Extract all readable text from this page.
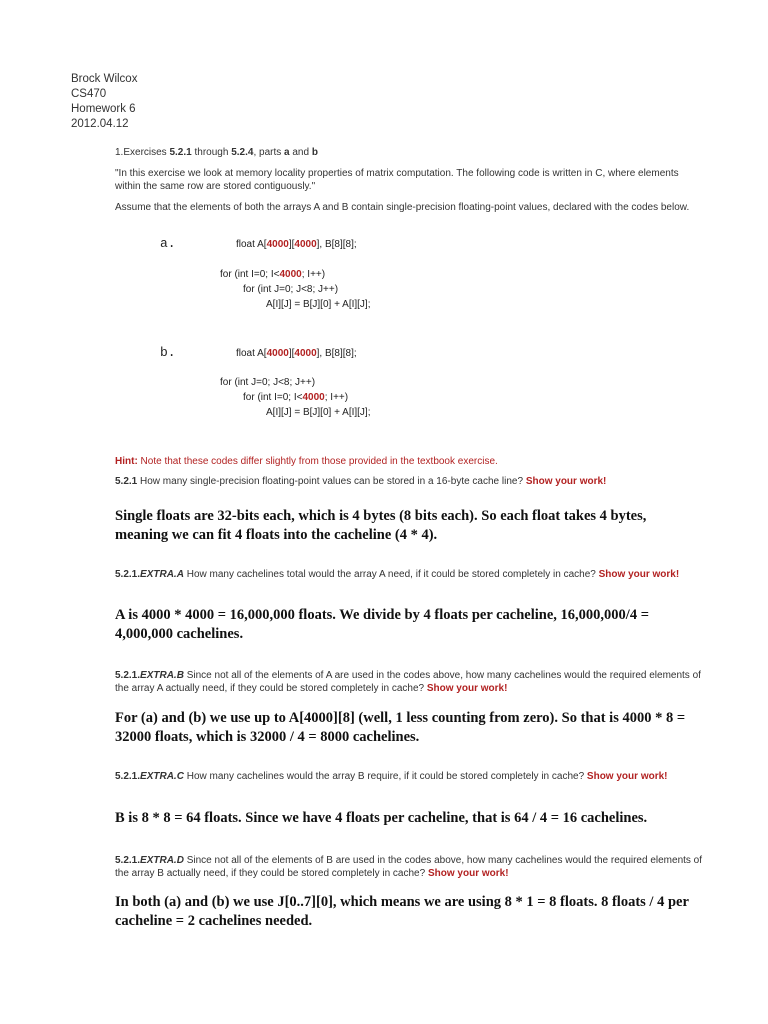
Brock Wilcox
CS470
Homework 6
2012.04.12
1.Exercises 5.2.1 through 5.2.4, parts a and b
"In this exercise we look at memory locality properties of matrix computation. The following code is written in C, where elements within the same row are stored contiguously."
Assume that the elements of both the arrays A and B contain single-precision floating-point values, declared with the codes below.
a.	float A[4000][4000], B[8][8];
for (int I=0; I<4000; I++)
for (int J=0; J<8; J++)
A[I][J] = B[J][0] + A[I][J];
b.	float A[4000][4000], B[8][8];
for (int J=0; J<8; J++)
for (int I=0; I<4000; I++)
A[I][J] = B[J][0] + A[I][J];
Hint: Note that these codes differ slightly from those provided in the textbook exercise.
5.2.1 How many single-precision floating-point values can be stored in a 16-byte cache line? Show your work!
Single floats are 32-bits each, which is 4 bytes (8 bits each). So each float takes 4 bytes, meaning we can fit 4 floats into the cacheline (4 * 4).
5.2.1.EXTRA.A How many cachelines total would the array A need, if it could be stored completely in cache? Show your work!
A is 4000 * 4000 = 16,000,000 floats. We divide by 4 floats per cacheline, 16,000,000/4 = 4,000,000 cachelines.
5.2.1.EXTRA.B Since not all of the elements of A are used in the codes above, how many cachelines would the required elements of the array A actually need, if they could be stored completely in cache? Show your work!
For (a) and (b) we use up to A[4000][8] (well, 1 less counting from zero). So that is 4000 * 8 = 32000 floats, which is 32000 / 4 = 8000 cachelines.
5.2.1.EXTRA.C How many cachelines would the array B require, if it could be stored completely in cache? Show your work!
B is 8 * 8 = 64 floats. Since we have 4 floats per cacheline, that is 64 / 4 = 16 cachelines.
5.2.1.EXTRA.D Since not all of the elements of B are used in the codes above, how many cachelines would the required elements of the array B actually need, if they could be stored completely in cache? Show your work!
In both (a) and (b) we use J[0..7][0], which means we are using 8 * 1 = 8 floats. 8 floats / 4 per cacheline = 2 cachelines needed.
